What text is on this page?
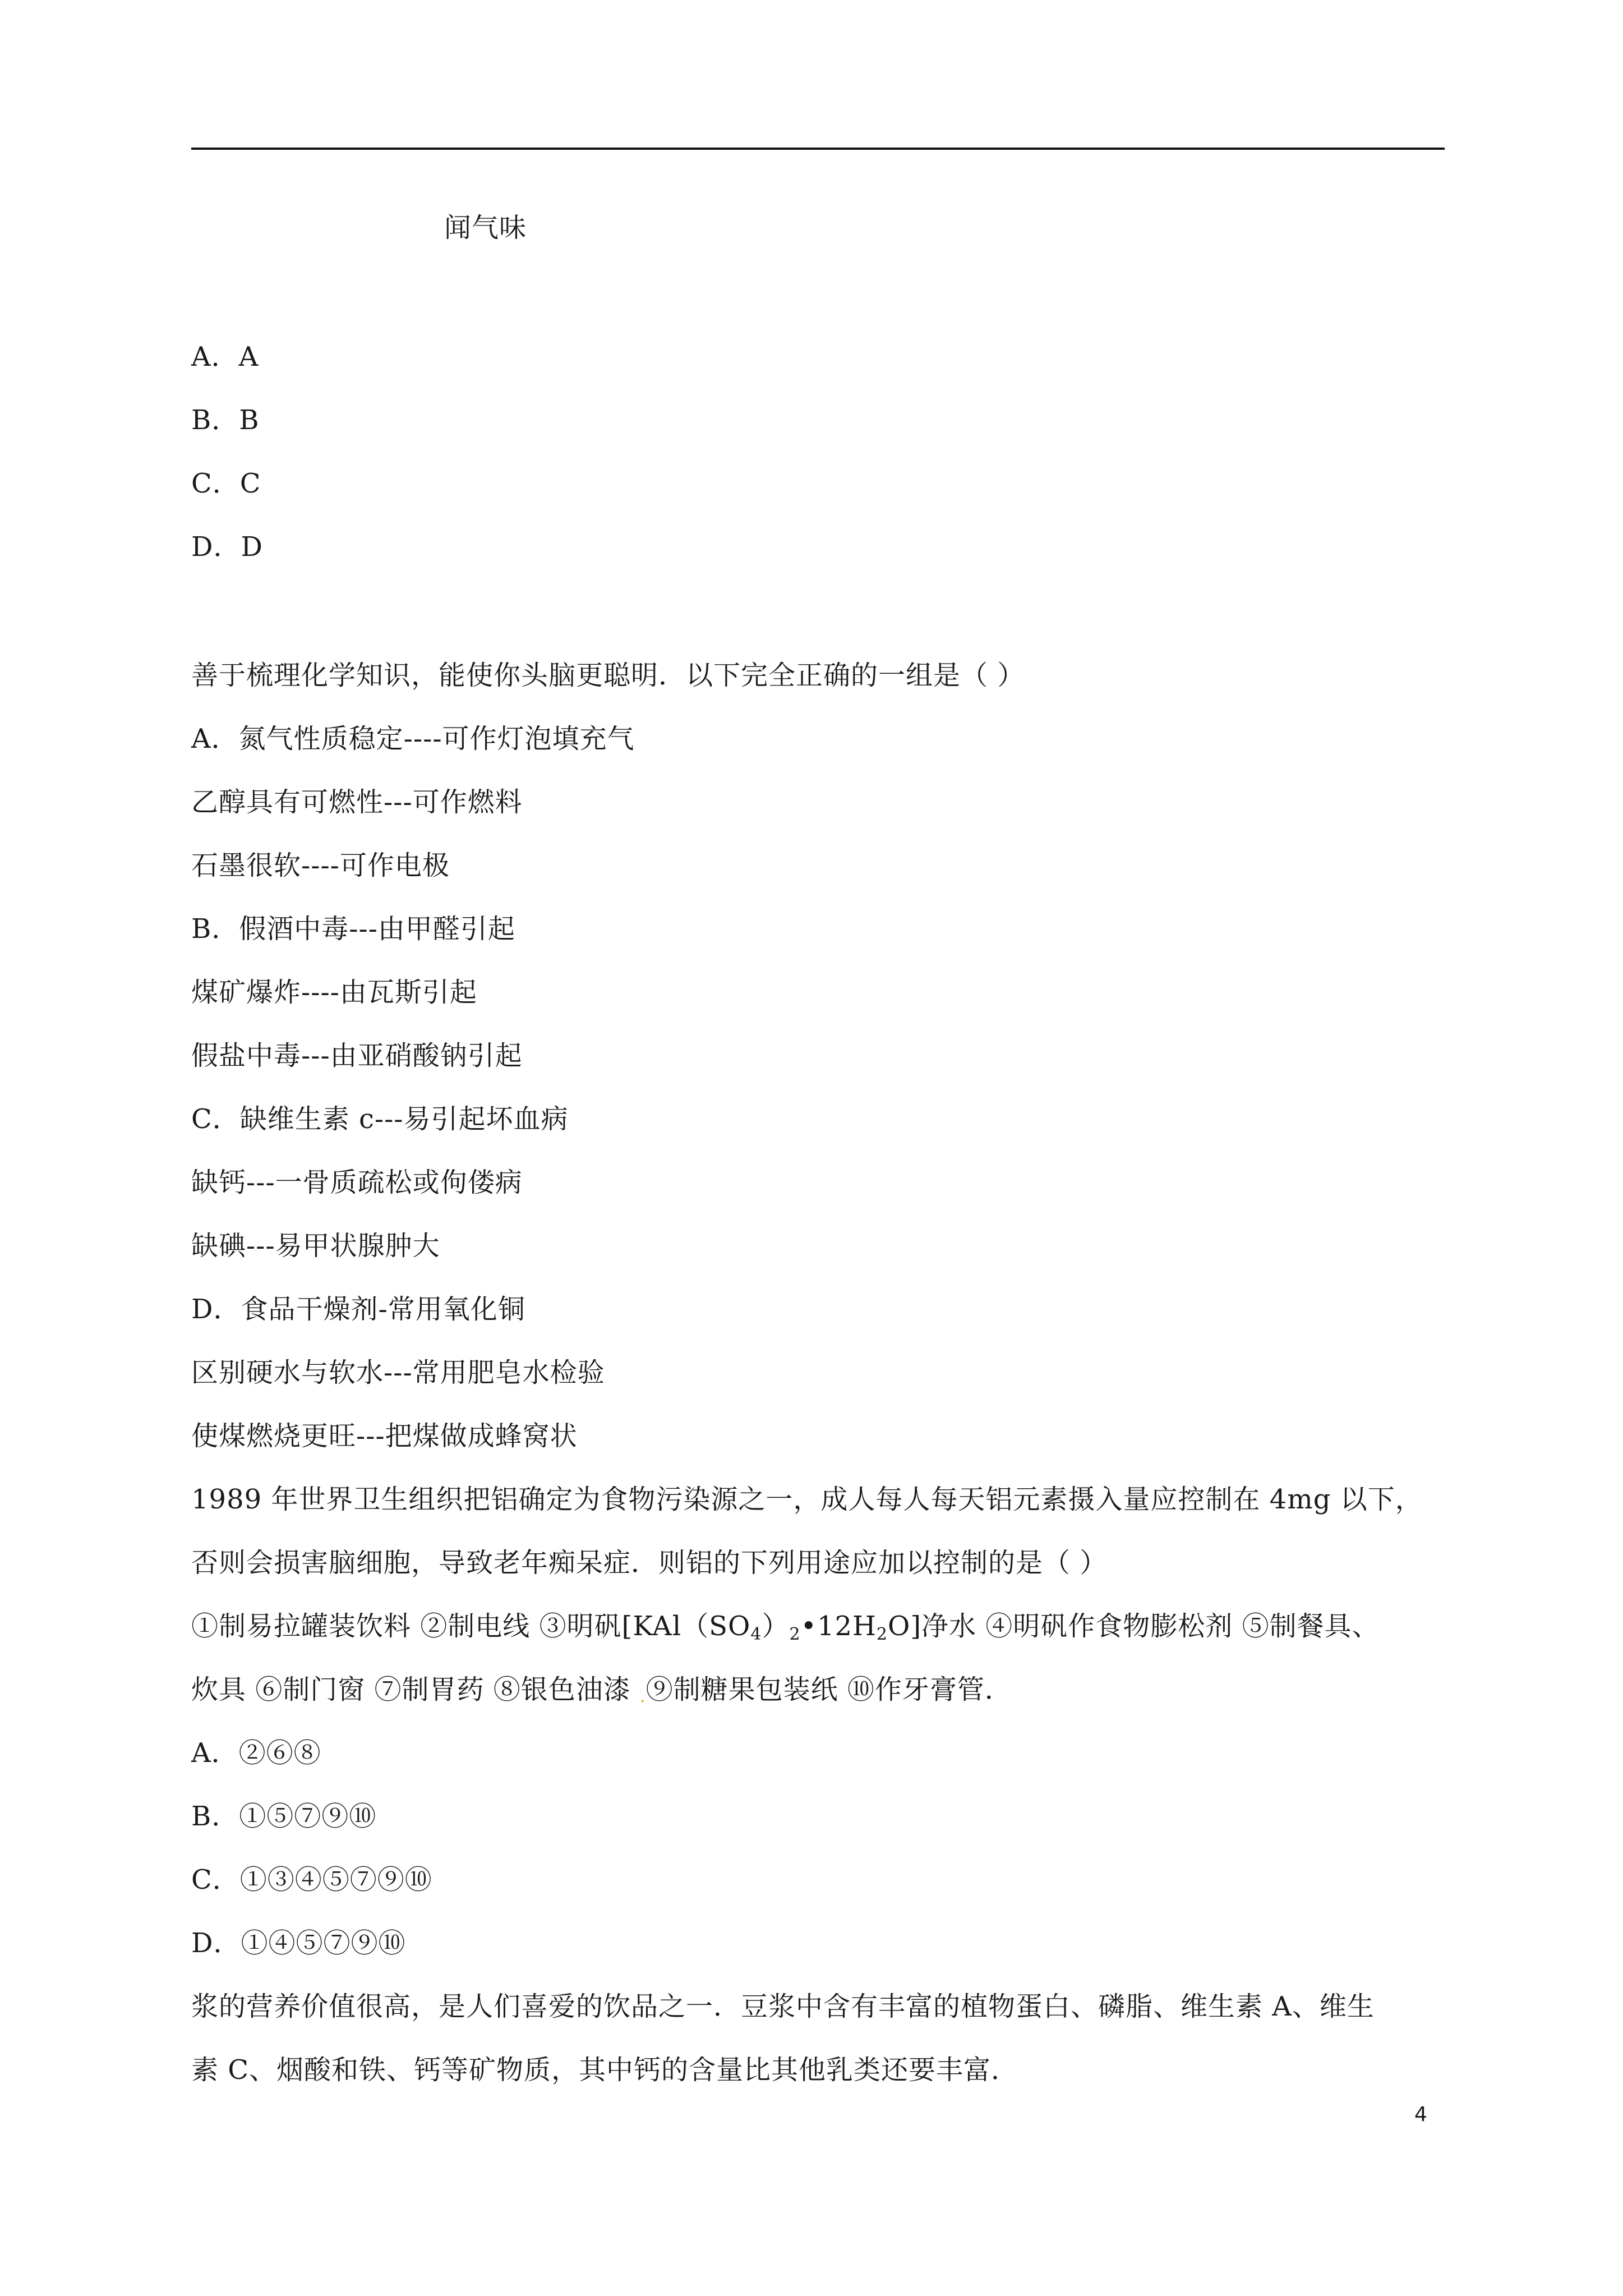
闻气味
A．A
B．B
C．C
D．D
善于梳理化学知识，能使你头脑更聪明．以下完全正确的一组是（ ）
A．氮气性质稳定----可作灯泡填充气
乙醇具有可燃性---可作燃料
石墨很软----可作电极
B．假酒中毒---由甲醛引起
煤矿爆炸----由瓦斯引起
假盐中毒---由亚硝酸钠引起
C．缺维生素 c---易引起坏血病
缺钙---一骨质疏松或佝偻病
缺碘---易甲状腺肿大
D．食品干燥剂-常用氧化铜
区别硬水与软水---常用肥皂水检验
使煤燃烧更旺---把煤做成蜂窝状
1989 年世界卫生组织把铝确定为食物污染源之一，成人每人每天铝元素摄入量应控制在 4mg 以下，
否则会损害脑细胞，导致老年痴呆症．则铝的下列用途应加以控制的是（ ）
①制易拉罐装饮料 ②制电线 ③明矾$[KAl(SO_4)_2•12H_2O]$净水 ④明矾作食物膨松剂 ⑤制餐具、
炊具 ⑥制门窗 ⑦制胃药 ⑧银色油漆 .⑨制糖果包装纸 ⑩作牙膏管．
A．②⑥⑧
B．①⑤⑦⑨⑩
C．①③④⑤⑦⑨⑩
D．①④⑤⑦⑨⑩
浆的营养价值很高，是人们喜爱的饮品之一．豆浆中含有丰富的植物蛋白、磷脂、维生素 A、维生
素 C、烟酸和铁、钙等矿物质，其中钙的含量比其他乳类还要丰富．
4
